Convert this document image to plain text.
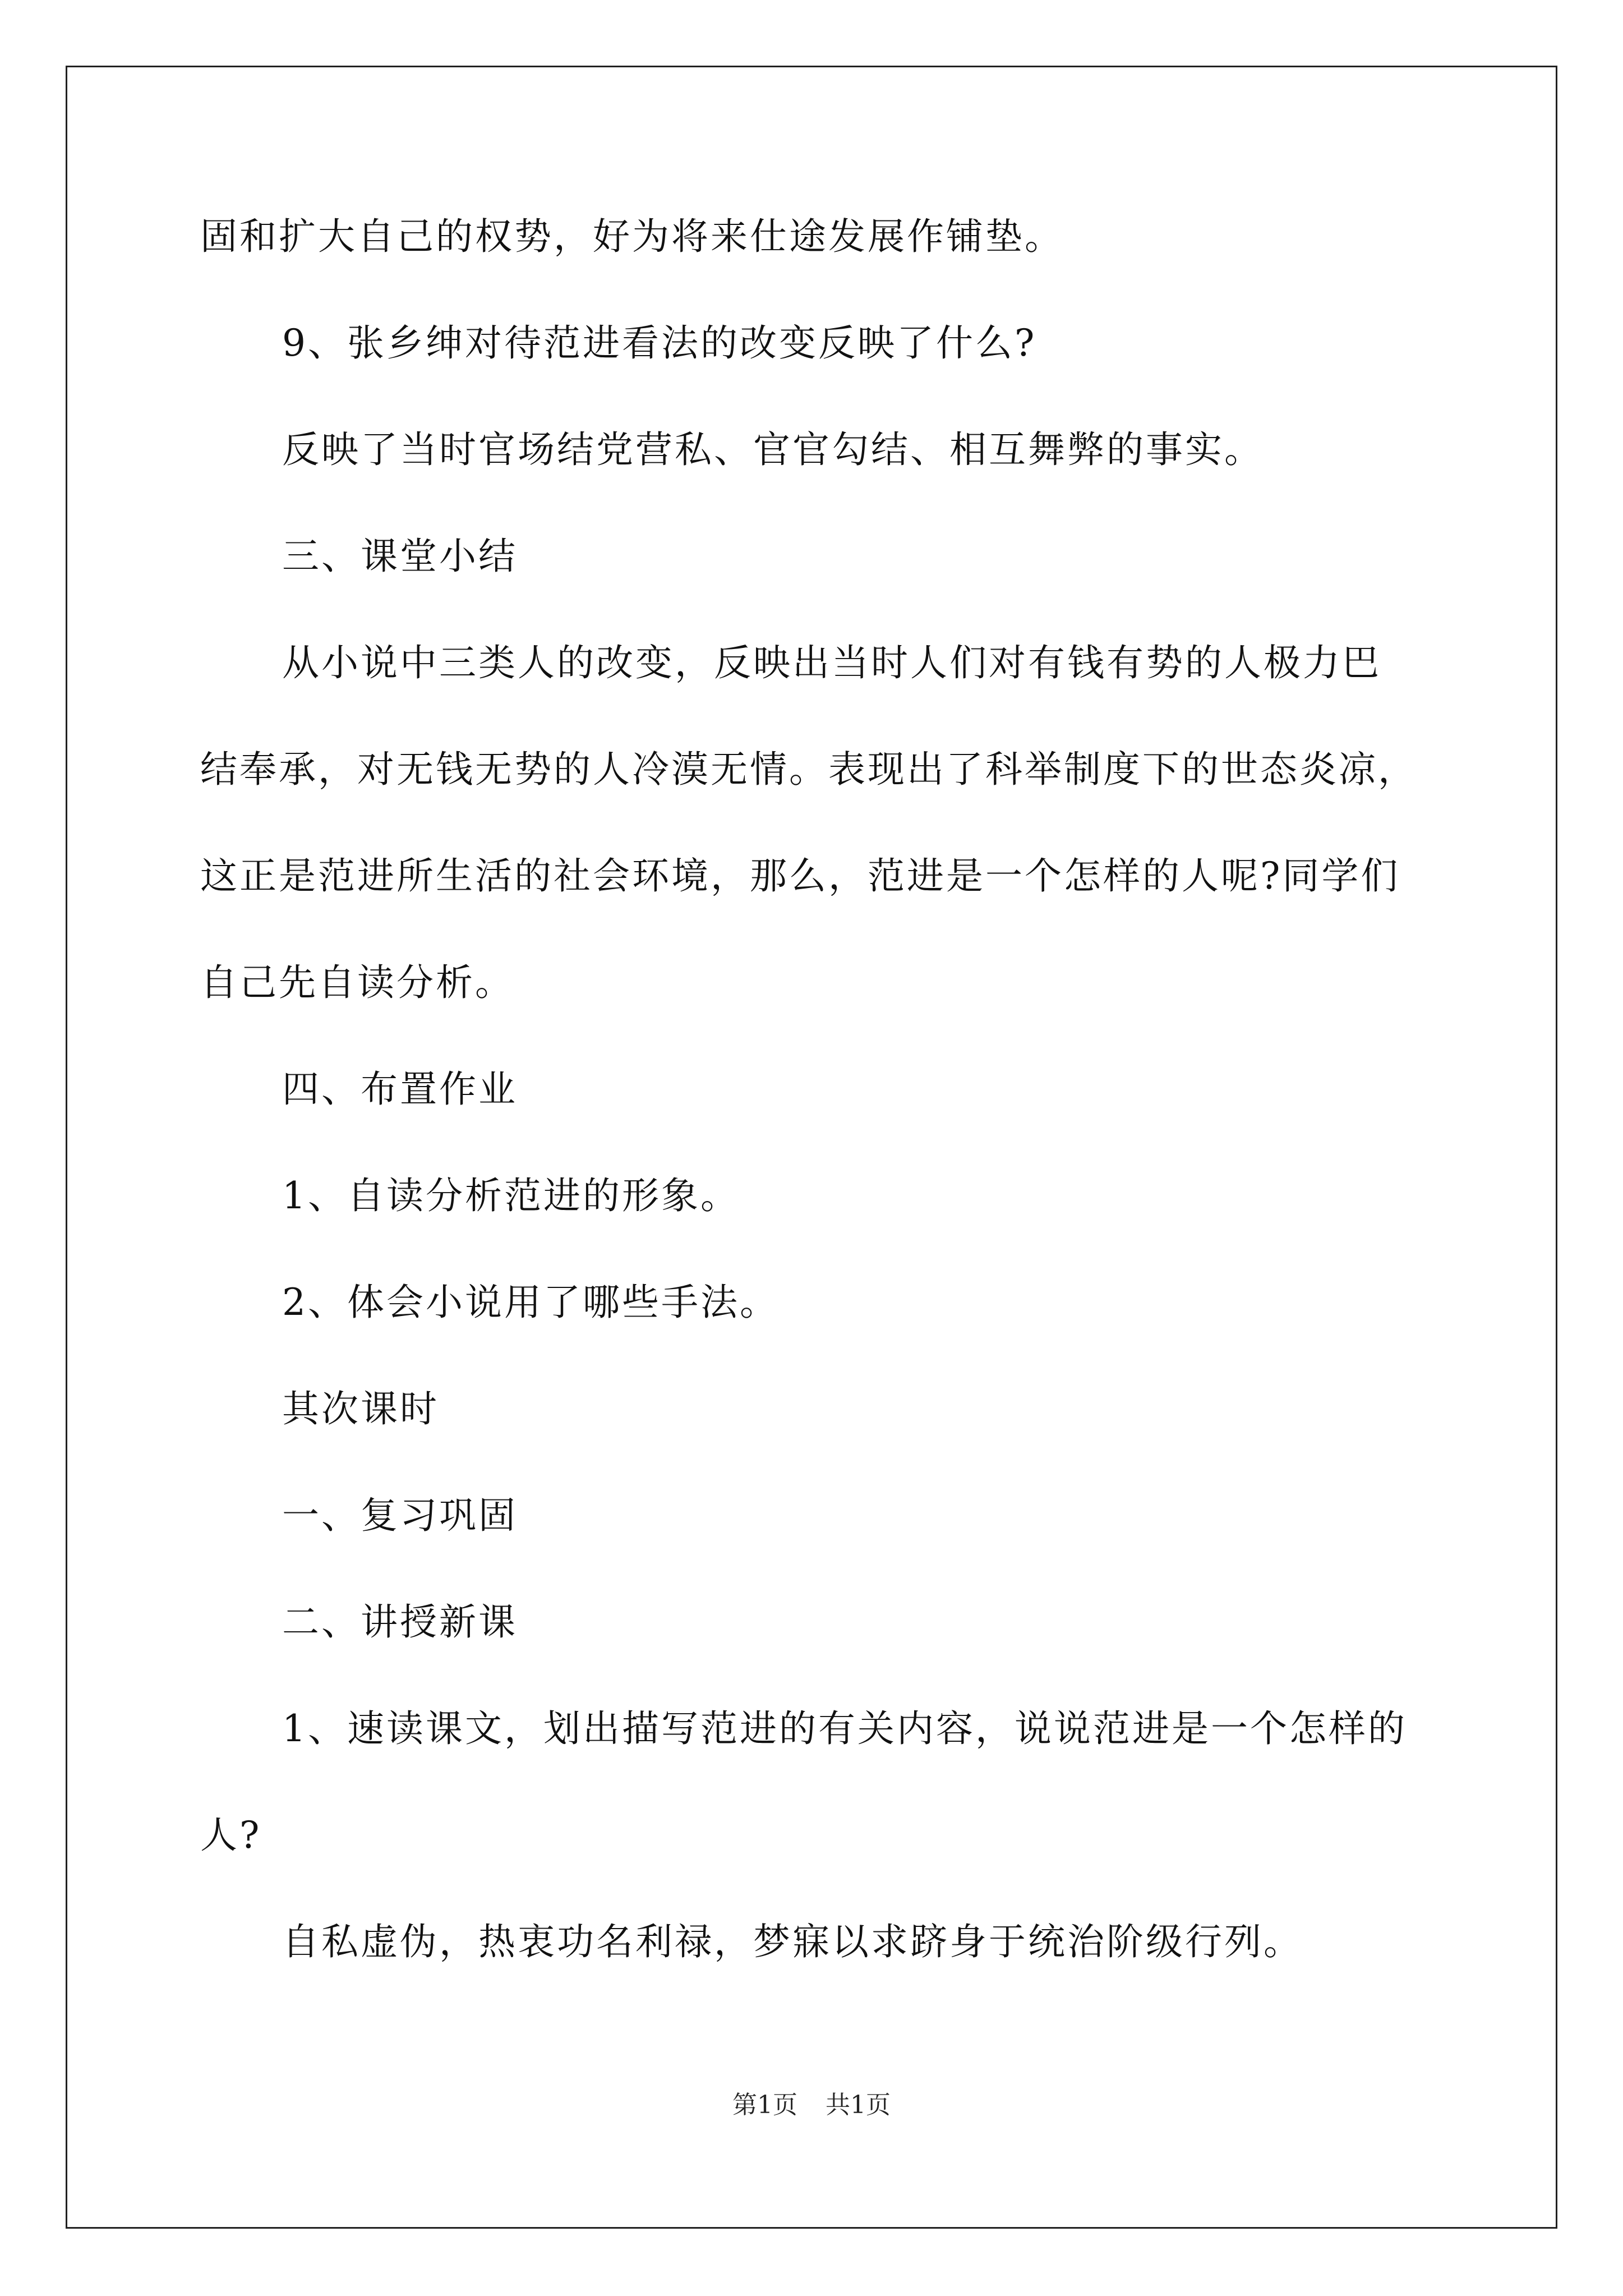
固和扩大自己的权势，好为将来仕途发展作铺垫。
9、张乡绅对待范进看法的改变反映了什么?
反映了当时官场结党营私、官官勾结、相互舞弊的事实。
三、课堂小结
从小说中三类人的改变，反映出当时人们对有钱有势的人极力巴
结奉承，对无钱无势的人冷漠无情。表现出了科举制度下的世态炎凉，
这正是范进所生活的社会环境，那么，范进是一个怎样的人呢?同学们
自己先自读分析。
四、布置作业
1、自读分析范进的形象。
2、体会小说用了哪些手法。
其次课时
一、复习巩固
二、讲授新课
1、速读课文，划出描写范进的有关内容，说说范进是一个怎样的
人?
自私虚伪，热衷功名利禄，梦寐以求跻身于统治阶级行列。
第1页 共1页
